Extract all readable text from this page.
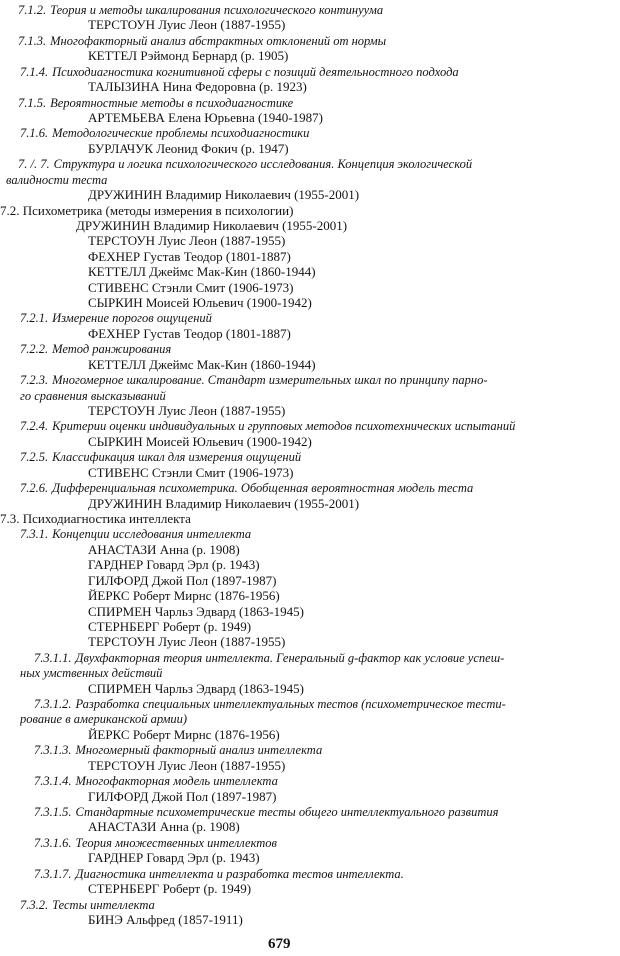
7.1.2. Теория и методы шкалирования психологического континуума
ТЕРСТОУН Луис Леон (1887-1955)
7.1.3. Многофакторный анализ абстрактных отклонений от нормы
КЕТТЕЛ Рэймонд Бернард (р. 1905)
7.1.4. Психодиагностика когнитивной сферы с позиций деятельностного подхода
ТАЛЫЗИНА Нина Федоровна (р. 1923)
7.1.5. Вероятностные методы в психодиагностике
АРТЕМЬЕВА Елена Юрьевна (1940-1987)
7.1.6. Методологические проблемы психодиагностики
БУРЛАЧУК Леонид Фокич (р. 1947)
7. /. 7. Структура и логика психологического исследования. Концепция экологической
валидности теста
ДРУЖИНИН Владимир Николаевич (1955-2001)
7.2. Психометрика (методы измерения в психологии)
ДРУЖИНИН Владимир Николаевич (1955-2001)
ТЕРСТОУН Луис Леон (1887-1955)
ФЕХНЕР Густав Теодор (1801-1887)
КЕТТЕЛЛ Джеймс Мак-Кин (1860-1944)
СТИВЕНС Стэнли Смит (1906-1973)
СЫРКИН Моисей Юльевич (1900-1942)
7.2.1. Измерение порогов ощущений
ФЕХНЕР Густав Теодор (1801-1887)
7.2.2. Метод ранжирования
КЕТТЕЛЛ Джеймс Мак-Кин (1860-1944)
7.2.3. Многомерное шкалирование. Стандарт измерительных шкал по принципу парно-
го сравнения высказываний
ТЕРСТОУН Луис Леон (1887-1955)
7.2.4. Критерии оценки индивидуальных и групповых методов психотехнических испытаний
СЫРКИН Моисей Юльевич (1900-1942)
7.2.5. Классификация шкал для измерения ощущений
СТИВЕНС Стэнли Смит (1906-1973)
7.2.6. Дифференциальная психометрика. Обобщенная вероятностная модель теста
ДРУЖИНИН Владимир Николаевич (1955-2001)
7.3. Психодиагностика интеллекта
7.3.1. Концепции исследования интеллекта
АНАСТАЗИ Анна (р. 1908)
ГАРДНЕР Говард Эрл (р. 1943)
ГИЛФОРД Джой Пол (1897-1987)
ЙЕРКС Роберт Мирнс (1876-1956)
СПИРМЕН Чарльз Эдвард (1863-1945)
СТЕРНБЕРГ Роберт (р. 1949)
ТЕРСТОУН Луис Леон (1887-1955)
7.3.1.1. Двухфакторная теория интеллекта. Генеральный g-фактор как условие успеш-
ных умственных действий
СПИРМЕН Чарльз Эдвард (1863-1945)
7.3.1.2. Разработка специальных интеллектуальных тестов (психометрическое тести-
рование в американской армии)
ЙЕРКС Роберт Мирнс (1876-1956)
7.3.1.3. Многомерный факторный анализ интеллекта
ТЕРСТОУН Луис Леон (1887-1955)
7.3.1.4. Многофакторная модель интеллекта
ГИЛФОРД Джой Пол (1897-1987)
7.3.1.5. Стандартные психометрические тесты общего интеллектуального развития
АНАСТАЗИ Анна (р. 1908)
7.3.1.6. Теория множественных интеллектов
ГАРДНЕР Говард Эрл (р. 1943)
7.3.1.7. Диагностика интеллекта и разработка тестов интеллекта.
СТЕРНБЕРГ Роберт (р. 1949)
7.3.2. Тесты интеллекта
БИНЭ Альфред (1857-1911)
679
